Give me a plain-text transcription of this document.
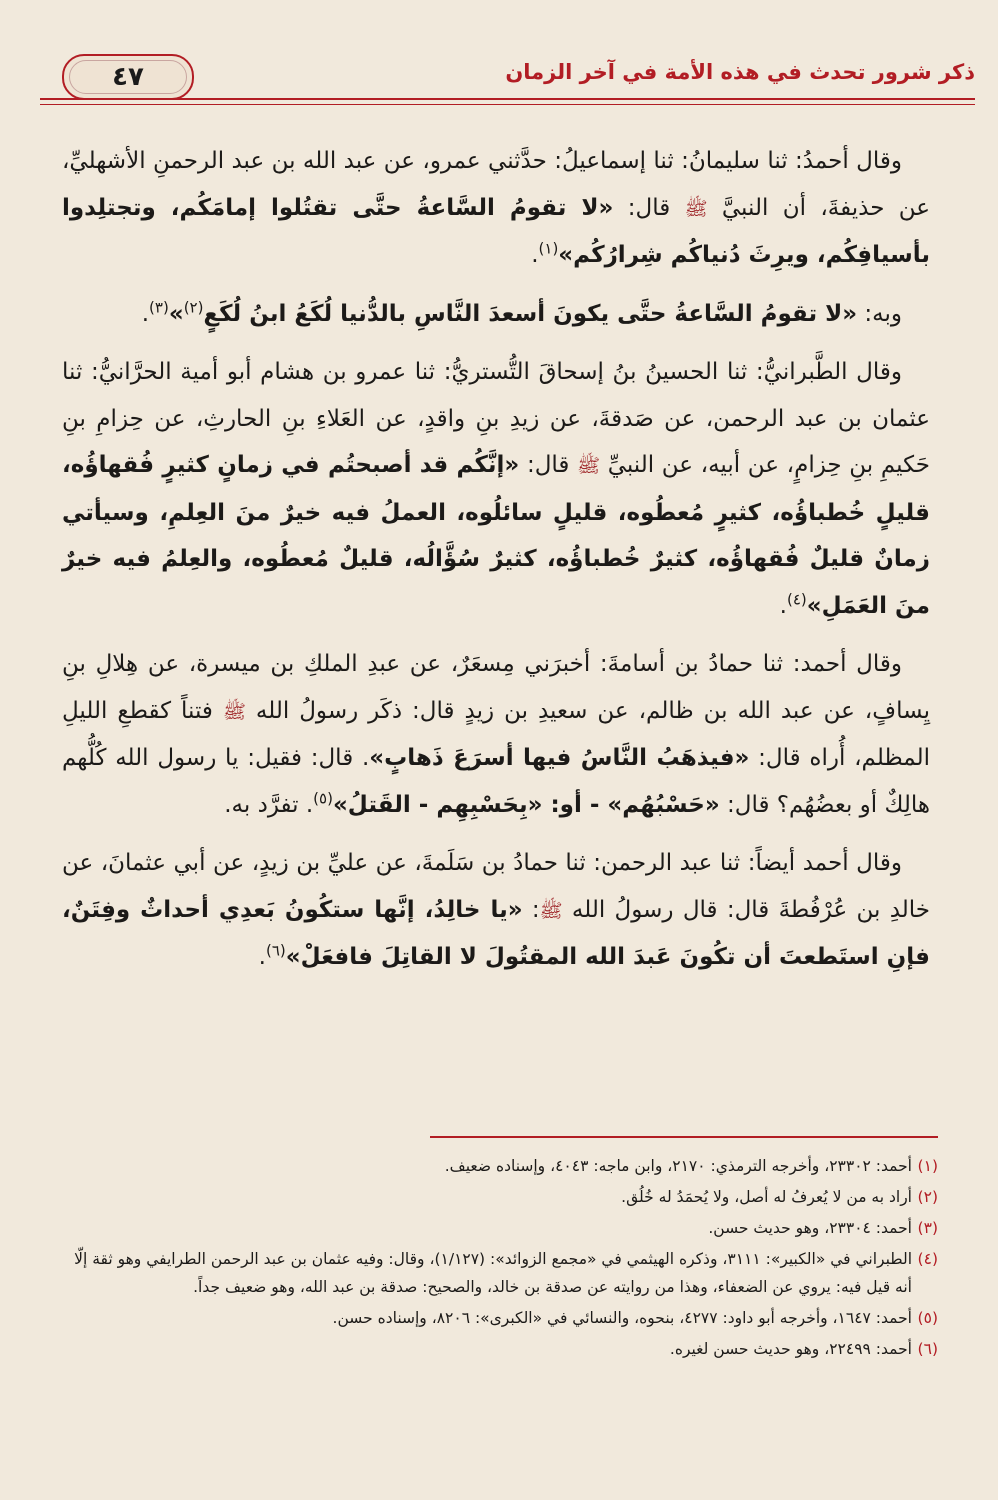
٤٧	ذكر شرور تحدث في هذه الأمة في آخر الزمان

وقال أحمدُ: ثنا سليمانُ: ثنا إسماعيلُ: حدَّثني عمرو، عن عبد الله بن عبد الرحمنِ الأشهليِّ، عن حذيفةَ، أن النبيَّ ﷺ قال: «لا تقومُ السَّاعةُ حتَّى تقتُلوا إمامَكُم، وتجتلِدوا بأسيافِكُم، ويرِثَ دُنياكُم شِرارُكُم»$^{(١)}$.

وبه: «لا تقومُ السَّاعةُ حتَّى يكونَ أسعدَ النَّاسِ بالدُّنيا لُكَعُ ابنُ لُكَعٍ$^{(٢)}$»$^{(٣)}$.

وقال الطَّبرانيُّ: ثنا الحسينُ بنُ إسحاقَ التُّستريُّ: ثنا عمرو بن هشام أبو أمية الحرَّانيُّ: ثنا عثمان بن عبد الرحمن، عن صَدقةَ، عن زيدِ بنِ واقدٍ، عن العَلاءِ بنِ الحارثِ، عن حِزامِ بنِ حَكيمِ بنِ حِزامٍ، عن أبيه، عن النبيِّ ﷺ قال: «إنَّكُم قد أصبحتُم في زمانٍ كثيرٍ فُقهاؤُه، قليلٍ خُطباؤُه، كثيرٍ مُعطُوه، قليلٍ سائلُوه، العملُ فيه خيرٌ منَ العِلمِ، وسيأتي زمانٌ قليلٌ فُقهاؤُه، كثيرٌ خُطباؤُه، كثيرٌ سُؤَّالُه، قليلٌ مُعطُوه، والعِلمُ فيه خيرٌ منَ العَمَلِ»$^{(٤)}$.

وقال أحمد: ثنا حمادُ بن أسامةَ: أخبرَني مِسعَرٌ، عن عبدِ الملكِ بن ميسرة، عن هِلالِ بنِ يِسافٍ، عن عبد الله بن ظالم، عن سعيدِ بن زيدٍ قال: ذكَر رسولُ الله ﷺ فتناً كقطعِ الليلِ المظلم، أُراه قال: «فيذهَبُ النَّاسُ فيها أسرَعَ ذَهابٍ». قال: فقيل: يا رسول الله كُلُّهم هالِكٌ أو بعضُهُم؟ قال: «حَسْبُهُم» - أو: «بِحَسْبِهِم - القَتلُ»$^{(٥)}$. تفرَّد به.

وقال أحمد أيضاً: ثنا عبد الرحمن: ثنا حمادُ بن سَلَمةَ، عن عليِّ بن زيدٍ، عن أبي عثمانَ، عن خالدِ بن عُرْفُطةَ قال: قال رسولُ الله ﷺ: «يا خالِدُ، إنَّها ستكُونُ بَعدِي أحداثٌ وفِتَنٌ، فإنِ استَطعتَ أن تكُونَ عَبدَ الله المقتُولَ لا القاتِلَ فافعَلْ»$^{(٦)}$.

(١)
أحمد: ٢٣٣٠٢، وأخرجه الترمذي: ٢١٧٠، وابن ماجه: ٤٠٤٣، وإسناده ضعيف.
(٢)
أراد به من لا يُعرفُ له أصل، ولا يُحمَدُ له خُلُق.
(٣)
أحمد: ٢٣٣٠٤، وهو حديث حسن.
(٤)
الطبراني في «الكبير»: ٣١١١، وذكره الهيثمي في «مجمع الزوائد»: (١/١٢٧)، وقال: وفيه عثمان بن عبد الرحمن الطرايفي وهو ثقة إلّا أنه قيل فيه: يروي عن الضعفاء، وهذا من روايته عن صدقة بن خالد، والصحيح: صدقة بن عبد الله، وهو ضعيف جداً.
(٥)
أحمد: ١٦٤٧، وأخرجه أبو داود: ٤٢٧٧، بنحوه، والنسائي في «الكبرى»: ٨٢٠٦، وإسناده حسن.
(٦)
أحمد: ٢٢٤٩٩، وهو حديث حسن لغيره.
